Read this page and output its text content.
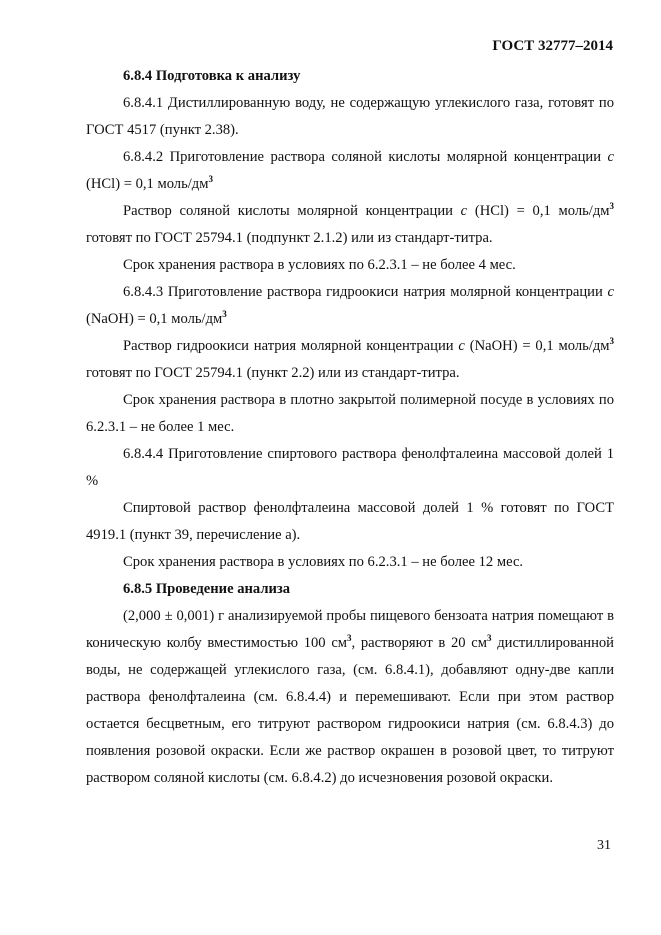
ГОСТ 32777–2014

6.8.4 Подготовка к анализу

6.8.4.1 Дистиллированную воду, не содержащую углекислого газа, готовят по ГОСТ 4517 (пункт 2.38).

6.8.4.2 Приготовление раствора соляной кислоты молярной концентрации c (HCl) = 0,1 моль/$дм^3$

Раствор соляной кислоты молярной концентрации c (HCl) = 0,1 моль/$дм^3$ готовят по ГОСТ 25794.1 (подпункт 2.1.2) или из стандарт-титра.

Срок хранения раствора в условиях по 6.2.3.1 – не более 4 мес.

6.8.4.3 Приготовление раствора гидроокиси натрия молярной концентрации c (NaOH) = 0,1 моль/$дм^3$

Раствор гидроокиси натрия молярной концентрации c (NaOH) = 0,1 моль/$дм^3$ готовят по ГОСТ 25794.1 (пункт 2.2) или из стандарт-титра.

Срок хранения раствора в плотно закрытой полимерной посуде в условиях по 6.2.3.1 – не более 1 мес.

6.8.4.4 Приготовление спиртового раствора фенолфталеина массовой долей 1 %

Спиртовой раствор фенолфталеина массовой долей 1 % готовят по ГОСТ 4919.1 (пункт 39, перечисление а).

Срок хранения раствора в условиях по 6.2.3.1 – не более 12 мес.

6.8.5 Проведение анализа

(2,000 ± 0,001) г анализируемой пробы пищевого бензоата натрия помещают в коническую колбу вместимостью 100 $см^3$, растворяют в 20 $см^3$ дистиллированной воды, не содержащей углекислого газа, (см. 6.8.4.1), добавляют одну-две капли раствора фенолфталеина (см. 6.8.4.4) и перемешивают. Если при этом раствор остается бесцветным, его титруют раствором гидроокиси натрия (см. 6.8.4.3) до появления розовой окраски. Если же раствор окрашен в розовой цвет, то титруют раствором соляной кислоты (см. 6.8.4.2) до исчезновения розовой окраски.

31
